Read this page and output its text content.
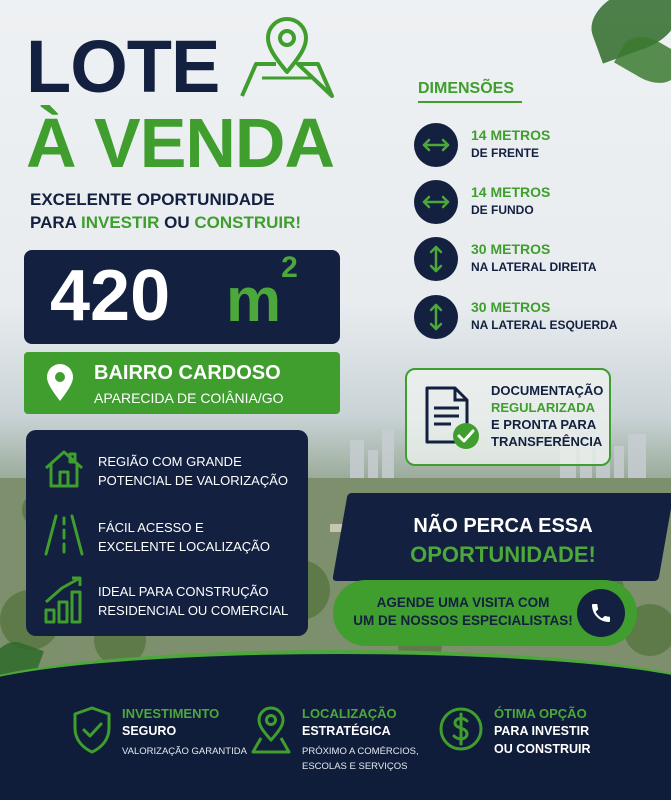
LOTE
À VENDA
EXCELENTE OPORTUNIDADE
PARA INVESTIR OU CONSTRUIR!
420 $m^2$
BAIRRO CARDOSO
APARECIDA DE COIÂNIA/GO
REGIÃO COM GRANDE
POTENCIAL DE VALORIZAÇÃO
FÁCIL ACESSO E
EXCELENTE LOCALIZAÇÃO
IDEAL PARA CONSTRUÇÃO
RESIDENCIAL OU COMERCIAL
DIMENSÕES
14 METROS
DE FRENTE
14 METROS
DE FUNDO
30 METROS
NA LATERAL DIREITA
30 METROS
NA LATERAL ESQUERDA
DOCUMENTAÇÃO
REGULARIZADA
E PRONTA PARA
TRANSFERÊNCIA
NÃO PERCA ESSA
OPORTUNIDADE!
AGENDE UMA VISITA COM
UM DE NOSSOS ESPECIALISTAS!
INVESTIMENTO
SEGURO
VALORIZAÇÃO GARANTIDA
LOCALIZAÇÃO
ESTRATÉGICA
PRÓXIMO A COMÉRCIOS,
ESCOLAS E SERVIÇOS
ÓTIMA OPÇÃO
PARA INVESTIR
OU CONSTRUIR
